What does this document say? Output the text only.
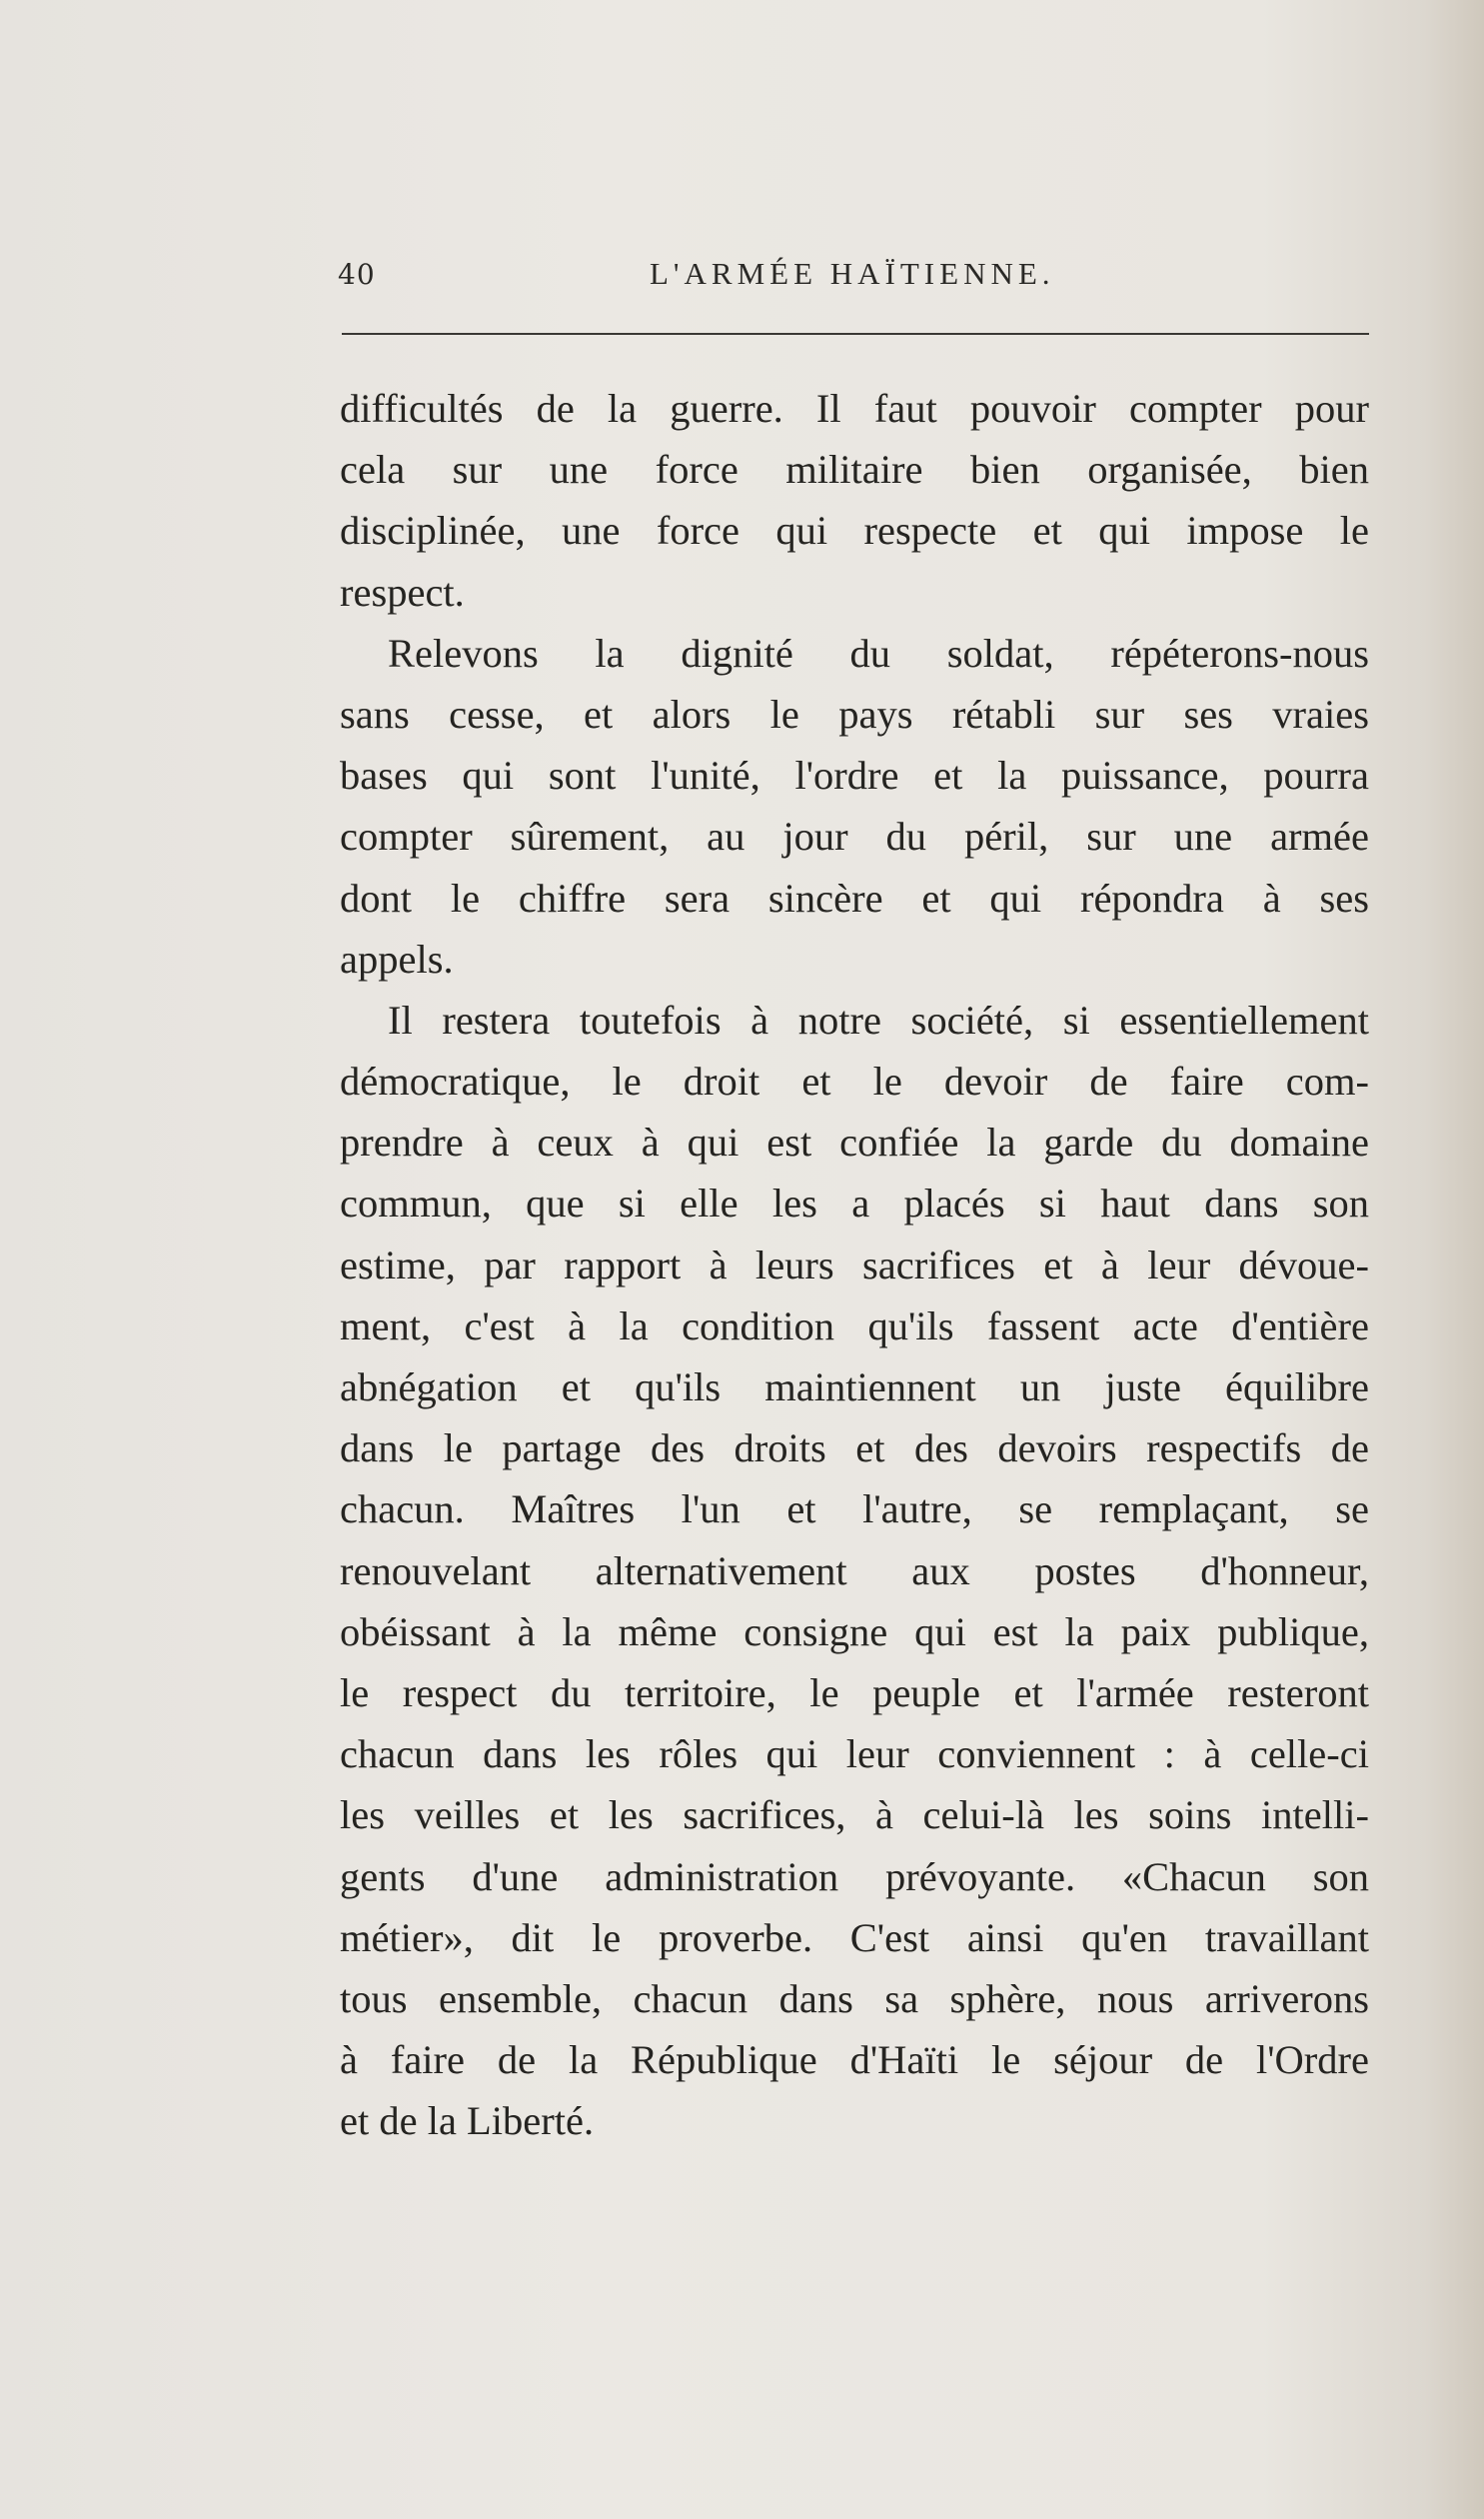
40	L'ARMÉE HAÏTIENNE.
difficultés de la guerre. Il faut pouvoir compter pour
cela sur une force militaire bien organisée, bien
disciplinée, une force qui respecte et qui impose le
respect.
Relevons la dignité du soldat, répéterons-nous
sans cesse, et alors le pays rétabli sur ses vraies
bases qui sont l'unité, l'ordre et la puissance, pourra
compter sûrement, au jour du péril, sur une armée
dont le chiffre sera sincère et qui répondra à ses
appels.
Il restera toutefois à notre société, si essentiellement
démocratique, le droit et le devoir de faire com-
prendre à ceux à qui est confiée la garde du domaine
commun, que si elle les a placés si haut dans son
estime, par rapport à leurs sacrifices et à leur dévoue-
ment, c'est à la condition qu'ils fassent acte d'entière
abnégation et qu'ils maintiennent un juste équilibre
dans le partage des droits et des devoirs respectifs de
chacun. Maîtres l'un et l'autre, se remplaçant, se
renouvelant alternativement aux postes d'honneur,
obéissant à la même consigne qui est la paix publique,
le respect du territoire, le peuple et l'armée resteront
chacun dans les rôles qui leur conviennent : à celle-ci
les veilles et les sacrifices, à celui-là les soins intelli-
gents d'une administration prévoyante. «Chacun son
métier», dit le proverbe. C'est ainsi qu'en travaillant
tous ensemble, chacun dans sa sphère, nous arriverons
à faire de la République d'Haïti le séjour de l'Ordre
et de la Liberté.
